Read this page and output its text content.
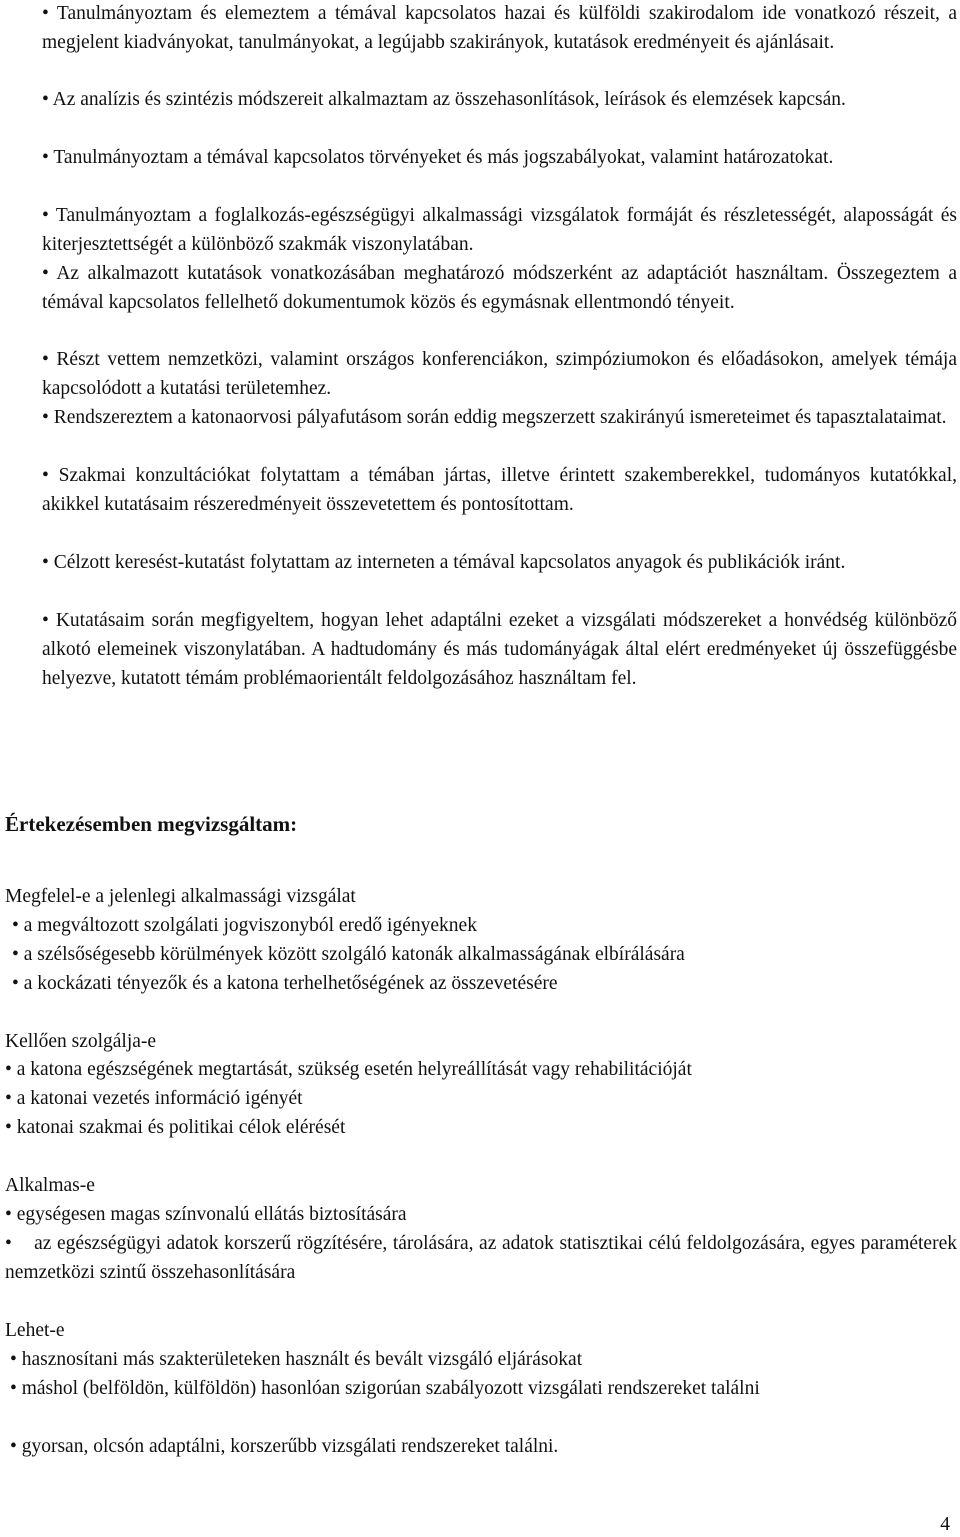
• Tanulmányoztam és elemeztem a témával kapcsolatos hazai és külföldi szakirodalom ide vonatkozó részeit, a megjelent kiadványokat, tanulmányokat, a legújabb szakirányok, kutatások eredményeit és ajánlásait.

• Az analízis és szintézis módszereit alkalmaztam az összehasonlítások, leírások és elemzések kapcsán.

• Tanulmányoztam a témával kapcsolatos törvényeket és más jogszabályokat, valamint határozatokat.

• Tanulmányoztam a foglalkozás-egészségügyi alkalmassági vizsgálatok formáját és részletességét, alaposságát és kiterjesztettségét a különböző szakmák viszonylatában.

• Az alkalmazott kutatások vonatkozásában meghatározó módszerként az adaptációt használtam. Összegeztem a témával kapcsolatos fellelhető dokumentumok közös és egymásnak ellentmondó tényeit.

• Részt vettem nemzetközi, valamint országos konferenciákon, szimpóziumokon és előadásokon, amelyek témája kapcsolódott a kutatási területemhez.

• Rendszereztem a katonaorvosi pályafutásom során eddig megszerzett szakirányú ismereteimet és tapasztalataimat.

• Szakmai konzultációkat folytattam a témában jártas, illetve érintett szakemberekkel, tudományos kutatókkal, akikkel kutatásaim részeredményeit összevetettem és pontosítottam.

• Célzott keresést-kutatást folytattam az interneten a témával kapcsolatos anyagok és publikációk iránt.

• Kutatásaim során megfigyeltem, hogyan lehet adaptálni ezeket a vizsgálati módszereket a honvédség különböző alkotó elemeinek viszonylatában. A hadtudomány és más tudományágak által elért eredményeket új összefüggésbe helyezve, kutatott témám problémaorientált feldolgozásához használtam fel.

Értekezésemben megvizsgáltam:

Megfelel-e a jelenlegi alkalmassági vizsgálat

• a megváltozott szolgálati jogviszonyból eredő igényeknek

• a szélsőségesebb körülmények között szolgáló katonák alkalmasságának elbírálására

• a kockázati tényezők és a katona terhelhetőségének az összevetésére

Kellően szolgálja-e

• a katona egészségének megtartását, szükség esetén helyreállítását vagy rehabilitációját

• a katonai vezetés információ igényét

• katonai szakmai és politikai célok elérését

Alkalmas-e

• egységesen magas színvonalú ellátás biztosítására

• az egészségügyi adatok korszerű rögzítésére, tárolására, az adatok statisztikai célú feldolgozására, egyes paraméterek nemzetközi szintű összehasonlítására

Lehet-e

• hasznosítani más szakterületeken használt és bevált vizsgáló eljárásokat

• máshol (belföldön, külföldön) hasonlóan szigorúan szabályozott vizsgálati rendszereket találni

• gyorsan, olcsón adaptálni, korszerűbb vizsgálati rendszereket találni.

4
